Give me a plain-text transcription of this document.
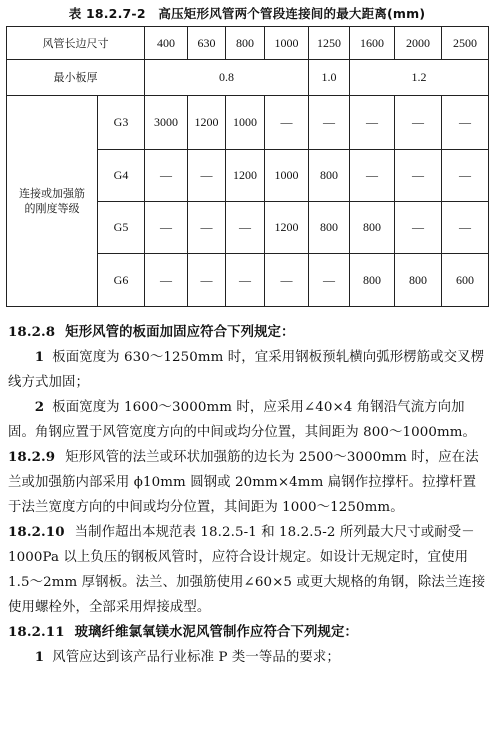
表 18.2.7-2　高压矩形风管两个管段连接间的最大距离(mm)
风管长边尺寸		400	630	800	1000	1250	1600	2000	2500
最小板厚		0.8				1.0	1.2		
连接或加强筋
的刚度等级	G3	3000	1200	1000	—	—	—	—	—
	G4	—	—	1200	1000	800	—	—	—
	G5	—	—	—	1200	800	800	—	—
	G6	—	—	—	—	—	800	800	600

18.2.8 矩形风管的板面加固应符合下列规定：

1 板面宽度为 630～1250mm 时，宜采用钢板预轧横向弧形楞筋或交叉楞线方式加固；

2 板面宽度为 1600～3000mm 时，应采用∠40×4 角钢沿气流方向加固。角钢应置于风管宽度方向的中间或均分位置，其间距为 800～1000mm。

18.2.9 矩形风管的法兰或环状加强筋的边长为 2500～3000mm 时，应在法兰或加强筋内部采用 ϕ10mm 圆钢或 20mm×4mm 扁钢作拉撑杆。拉撑杆置于法兰宽度方向的中间或均分位置，其间距为 1000～1250mm。

18.2.10 当制作超出本规范表 18.2.5-1 和 18.2.5-2 所列最大尺寸或耐受－1000Pa 以上负压的钢板风管时，应符合设计规定。如设计无规定时，宜使用 1.5～2mm 厚钢板。法兰、加强筋使用∠60×5 或更大规格的角钢，除法兰连接使用螺栓外，全部采用焊接成型。

18.2.11 玻璃纤维氯氧镁水泥风管制作应符合下列规定：

1 风管应达到该产品行业标准 P 类一等品的要求；
